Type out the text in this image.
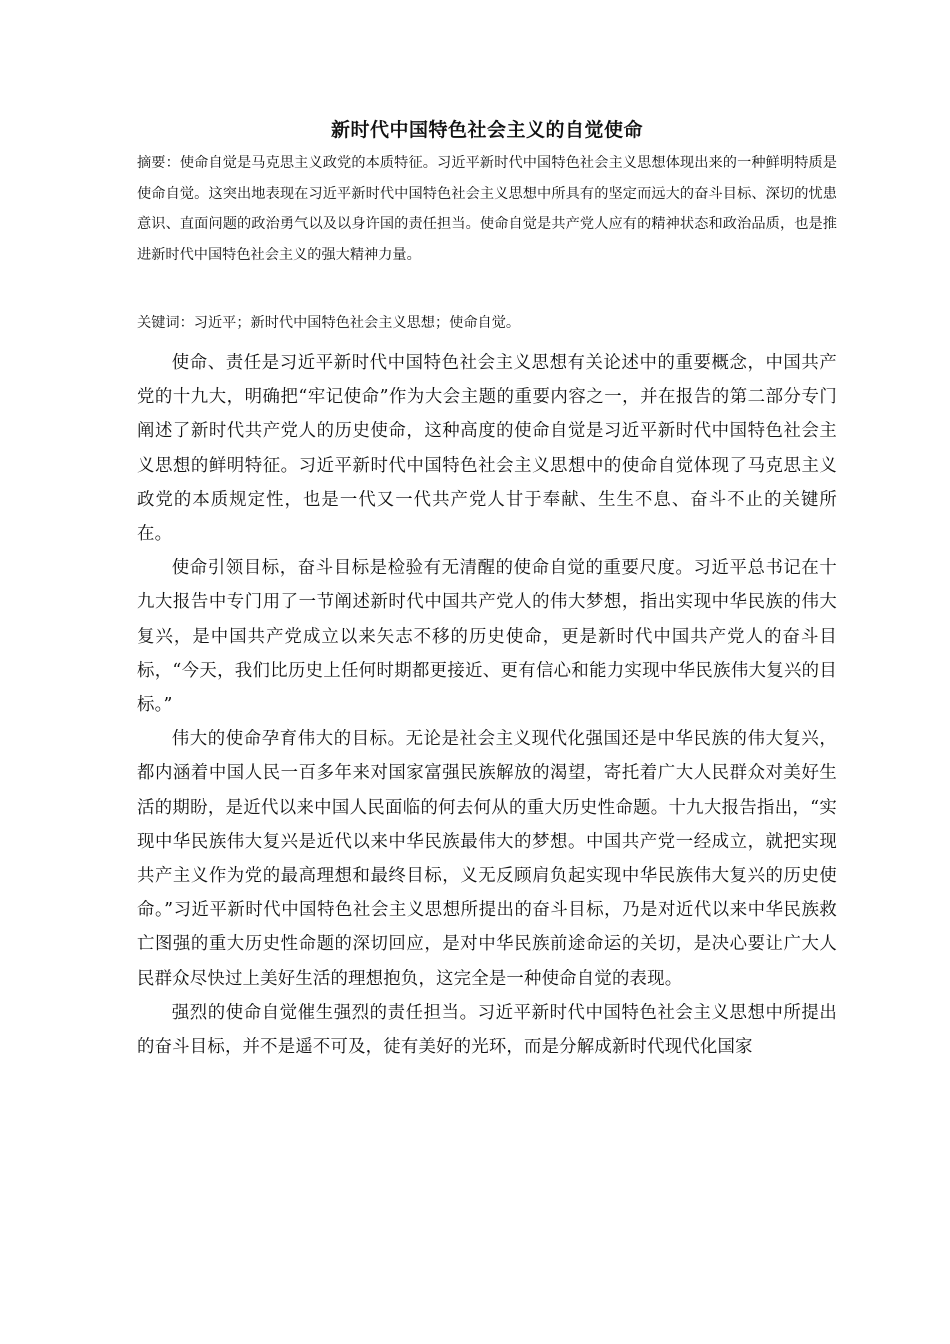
新时代中国特色社会主义的自觉使命

摘要：使命自觉是马克思主义政党的本质特征。习近平新时代中国特色社会主义思想体现出来的一种鲜明特质是使命自觉。这突出地表现在习近平新时代中国特色社会主义思想中所具有的坚定而远大的奋斗目标、深切的忧患意识、直面问题的政治勇气以及以身许国的责任担当。使命自觉是共产党人应有的精神状态和政治品质，也是推进新时代中国特色社会主义的强大精神力量。

关键词：习近平；新时代中国特色社会主义思想；使命自觉。

使命、责任是习近平新时代中国特色社会主义思想有关论述中的重要概念，中国共产党的十九大，明确把“牢记使命”作为大会主题的重要内容之一，并在报告的第二部分专门阐述了新时代共产党人的历史使命，这种高度的使命自觉是习近平新时代中国特色社会主义思想的鲜明特征。习近平新时代中国特色社会主义思想中的使命自觉体现了马克思主义政党的本质规定性，也是一代又一代共产党人甘于奉献、生生不息、奋斗不止的关键所在。

使命引领目标，奋斗目标是检验有无清醒的使命自觉的重要尺度。习近平总书记在十九大报告中专门用了一节阐述新时代中国共产党人的伟大梦想，指出实现中华民族的伟大复兴，是中国共产党成立以来矢志不移的历史使命，更是新时代中国共产党人的奋斗目标，“今天，我们比历史上任何时期都更接近、更有信心和能力实现中华民族伟大复兴的目标。”

伟大的使命孕育伟大的目标。无论是社会主义现代化强国还是中华民族的伟大复兴，都内涵着中国人民一百多年来对国家富强民族解放的渴望，寄托着广大人民群众对美好生活的期盼，是近代以来中国人民面临的何去何从的重大历史性命题。十九大报告指出，“实现中华民族伟大复兴是近代以来中华民族最伟大的梦想。中国共产党一经成立，就把实现共产主义作为党的最高理想和最终目标，义无反顾肩负起实现中华民族伟大复兴的历史使命。”习近平新时代中国特色社会主义思想所提出的奋斗目标，乃是对近代以来中华民族救亡图强的重大历史性命题的深切回应，是对中华民族前途命运的关切，是决心要让广大人民群众尽快过上美好生活的理想抱负，这完全是一种使命自觉的表现。

强烈的使命自觉催生强烈的责任担当。习近平新时代中国特色社会主义思想中所提出的奋斗目标，并不是遥不可及，徒有美好的光环，而是分解成新时代现代化国家
